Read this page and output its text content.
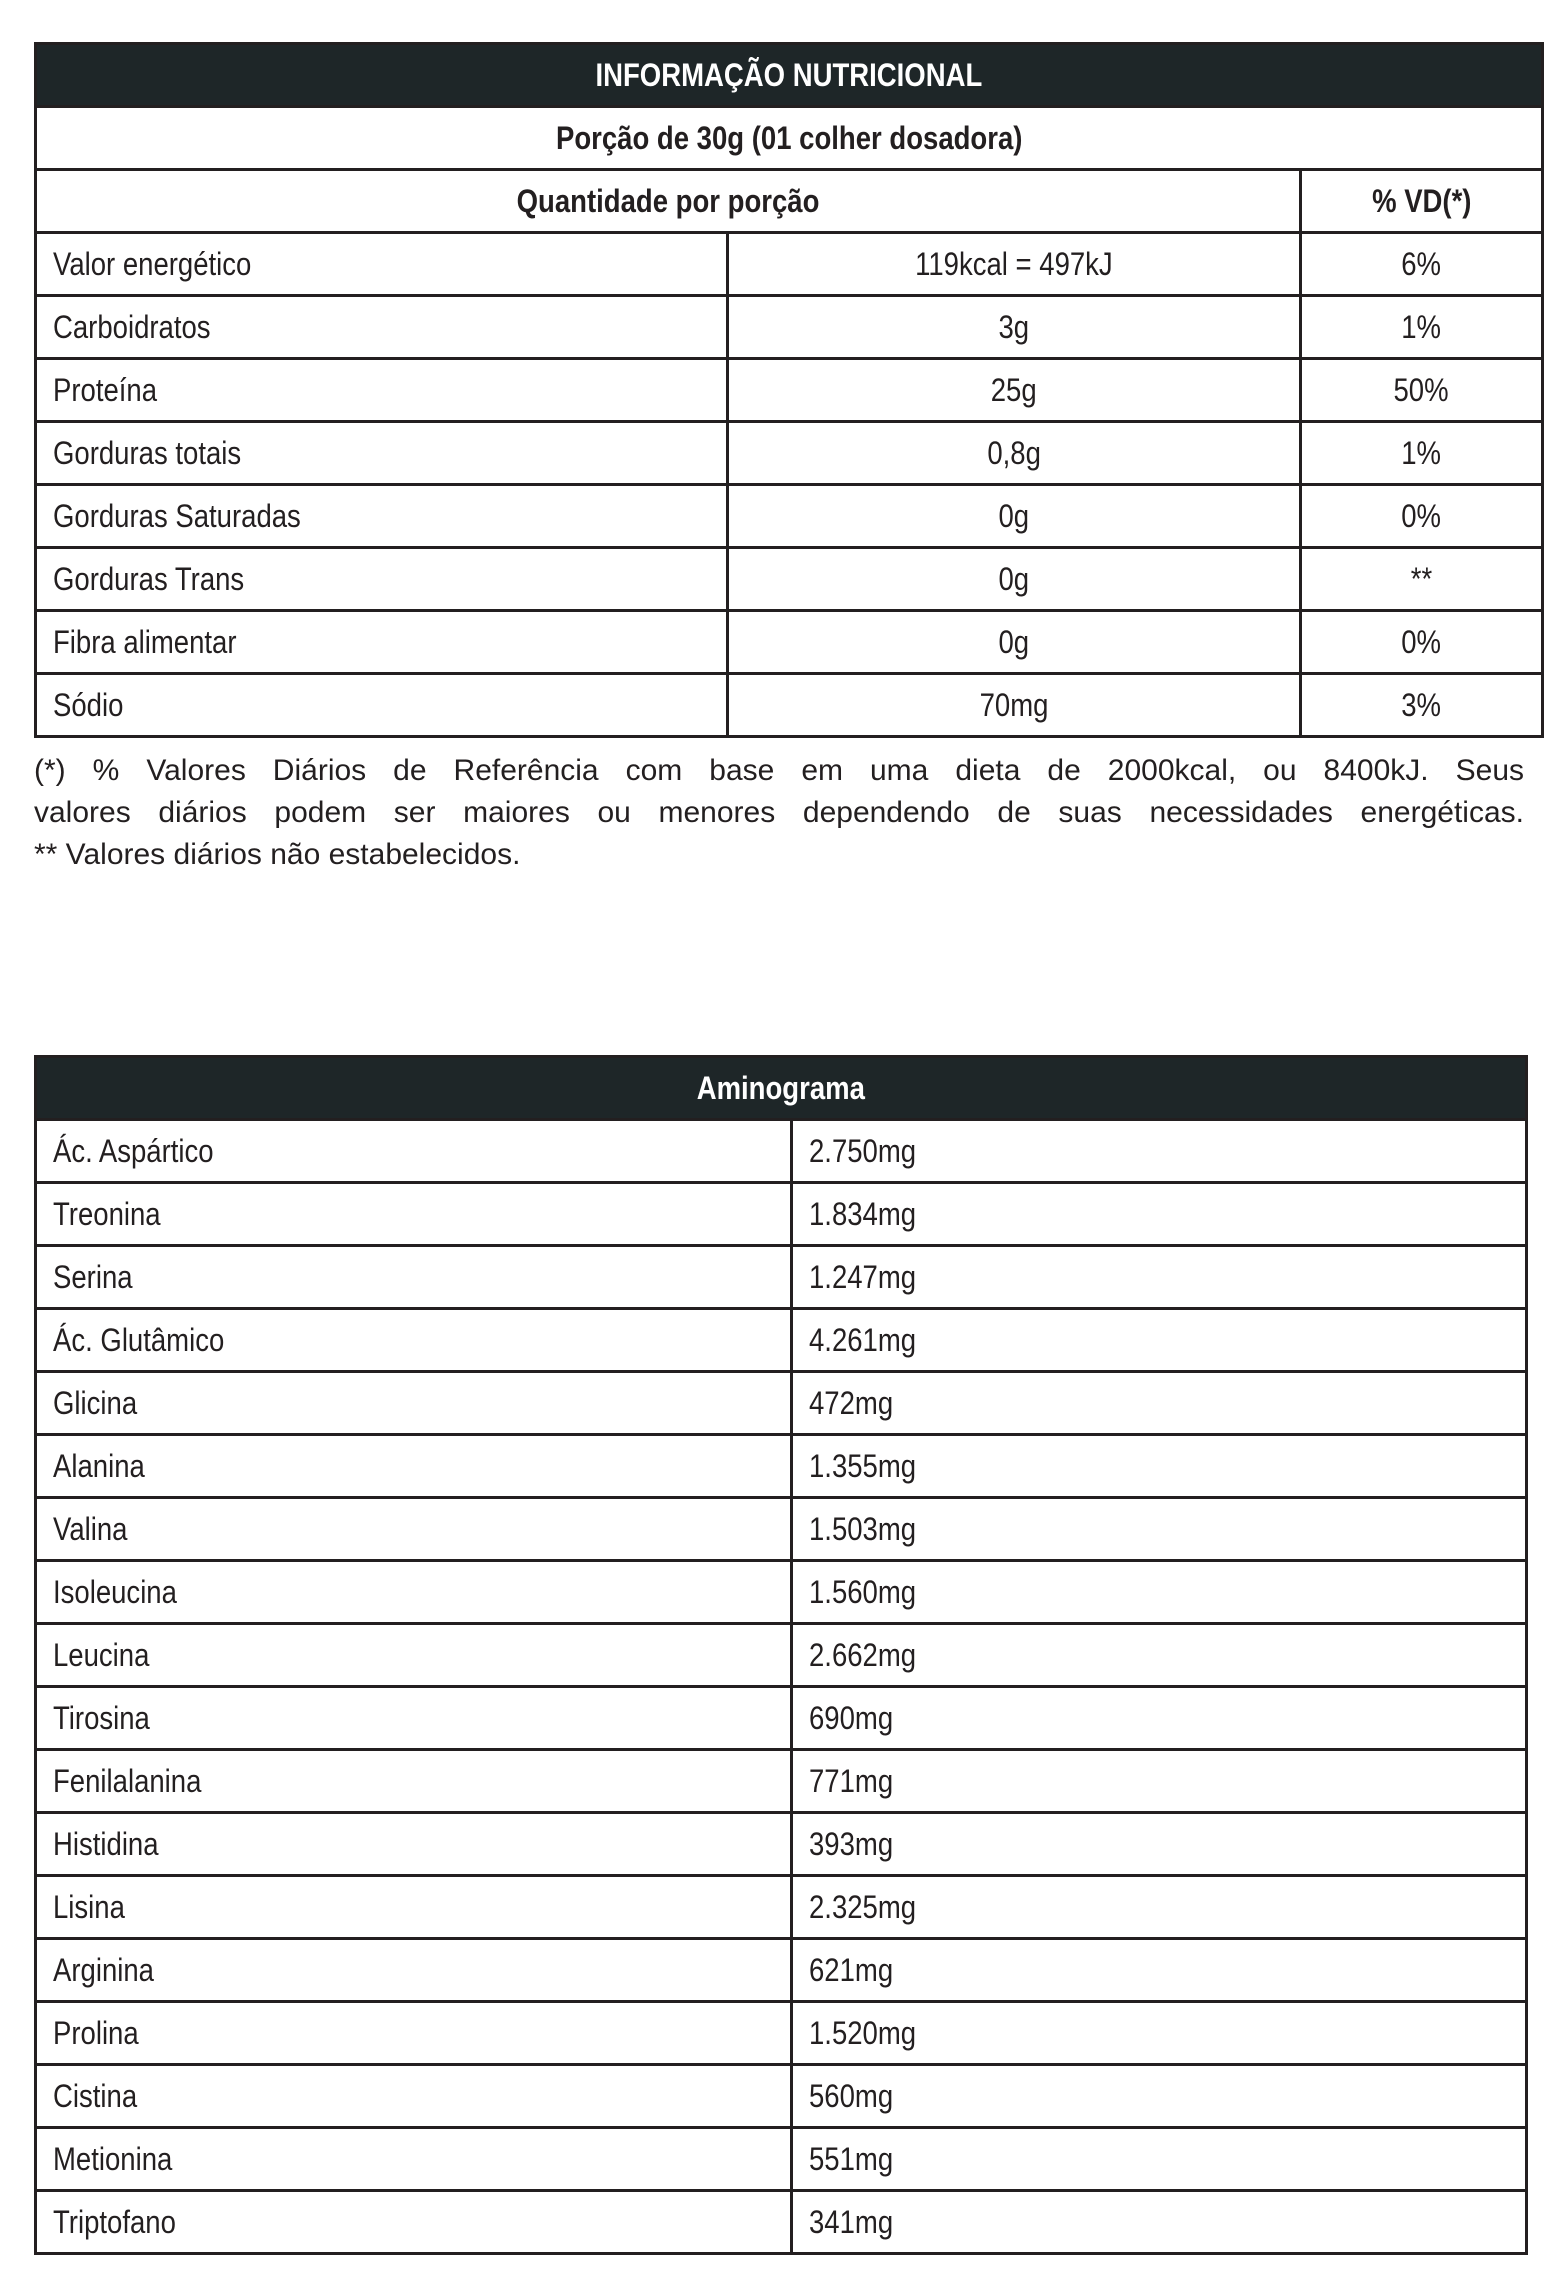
INFORMAÇÃO NUTRICIONAL		
Porção de 30g (01 colher dosadora)		
Quantidade por porção		% VD(*)
Valor energético	119kcal = 497kJ	6%
Carboidratos	3g	1%
Proteína	25g	50%
Gorduras totais	0,8g	1%
Gorduras Saturadas	0g	0%
Gorduras Trans	0g	**
Fibra alimentar	0g	0%
Sódio	70mg	3%

(*) % Valores Diários de Referência com base em uma dieta de 2000kcal, ou 8400kJ. Seus

valores diários podem ser maiores ou menores dependendo de suas necessidades energéticas.

** Valores diários não estabelecidos.

Aminograma	
Ác. Aspártico	2.750mg
Treonina	1.834mg
Serina	1.247mg
Ác. Glutâmico	4.261mg
Glicina	472mg
Alanina	1.355mg
Valina	1.503mg
Isoleucina	1.560mg
Leucina	2.662mg
Tirosina	690mg
Fenilalanina	771mg
Histidina	393mg
Lisina	2.325mg
Arginina	621mg
Prolina	1.520mg
Cistina	560mg
Metionina	551mg
Triptofano	341mg
